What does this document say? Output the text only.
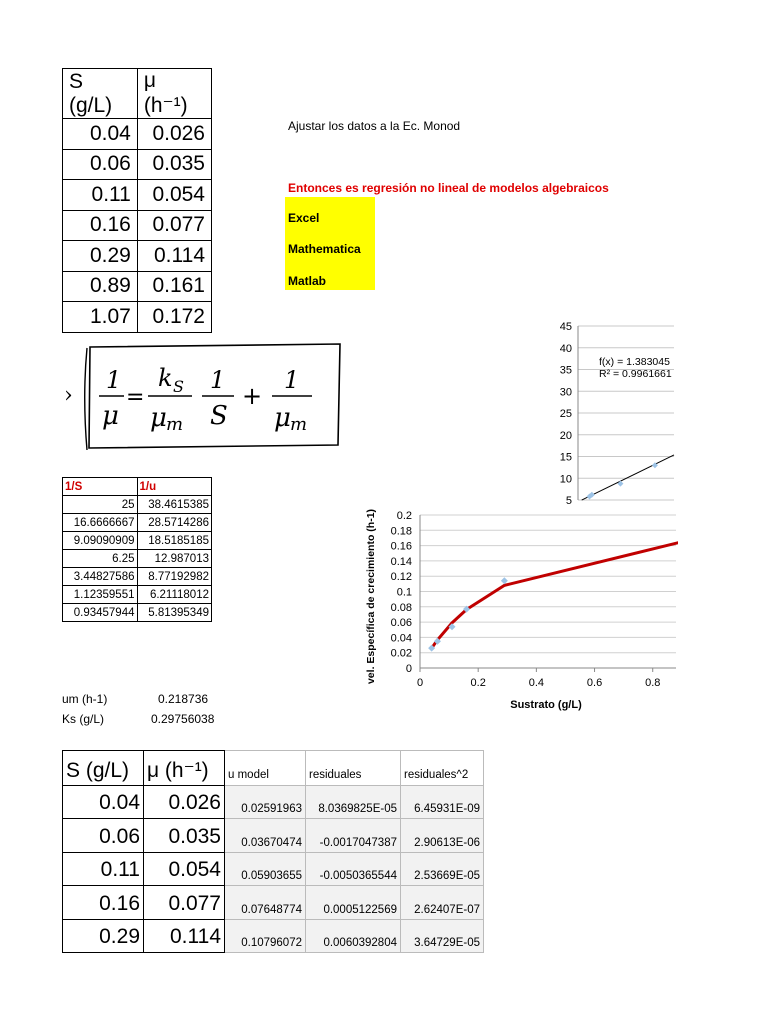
S (g/L)	μ (h⁻¹)
0.04	0.026
0.06	0.035
0.11	0.054
0.16	0.077
0.29	0.114
0.89	0.161
1.07	0.172
Ajustar los datos a la Ec. Monod
Entonces es regresión no lineal de modelos algebraicos
Excel
Mathematica
Matlab
›
1
μ
=
k S
μ m
1
S
+
1
μ m
1/S	1/u
25	38.4615385
16.6666667	28.5714286
9.09090909	18.5185185
6.25	12.987013
3.44827586	8.77192982
1.12359551	6.21118012
0.93457944	5.81395349
um (h-1)	0.218736
Ks (g/L)	0.29756038
S (g/L)	μ (h⁻¹)	u model	residuales	residuales^2
0.04	0.026	0.02591963	8.0369825E-05	6.45931E-09
0.06	0.035	0.03670474	-0.0017047387	2.90613E-06
0.11	0.054	0.05903655	-0.0050365544	2.53669E-05
0.16	0.077	0.07648774	0.0005122569	2.62407E-07
0.29	0.114	0.10796072	0.0060392804	3.64729E-05
45
40
35
30
25
20
15
10
5
f(x) = 1.383045
R² = 0.9961661
0.2
0.18
0.16
0.14
0.12
0.1
0.08
0.06
0.04
0.02
0
0	0.2	0.4	0.6	0.8
Sustrato (g/L)
vel. Específica de crecimiento (h-1)
